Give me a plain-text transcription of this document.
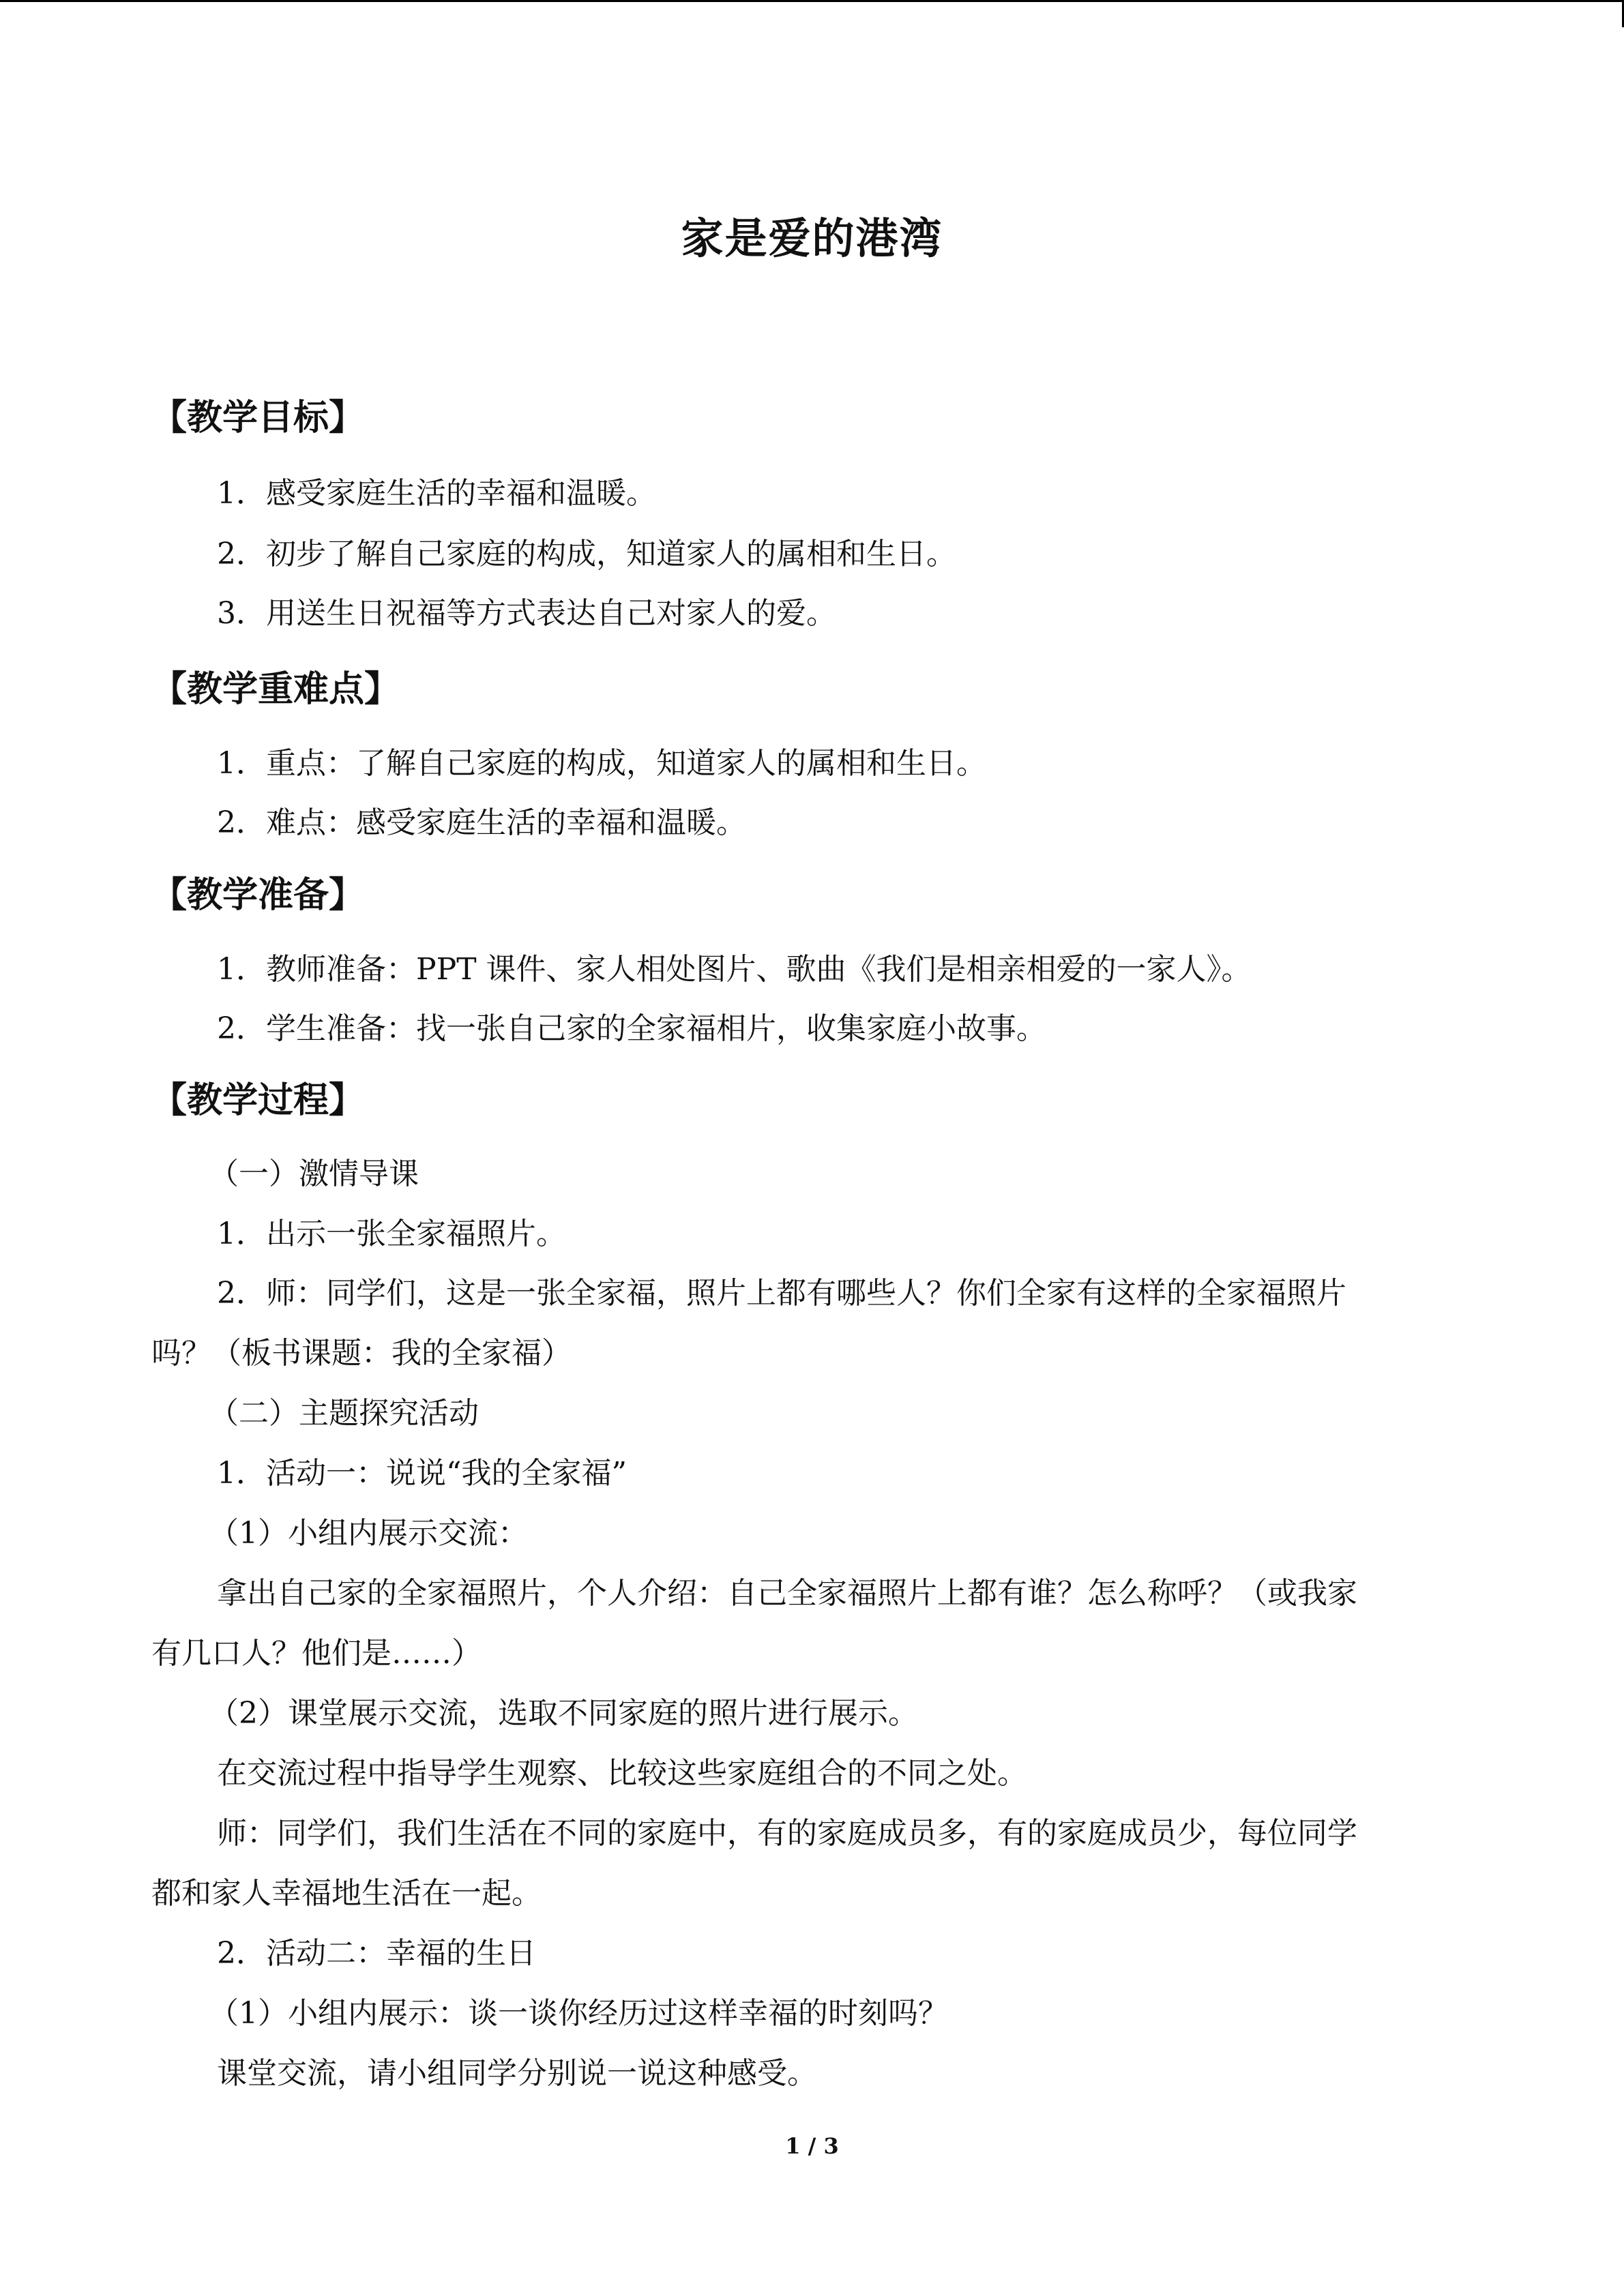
家是爱的港湾
【教学目标】
1．感受家庭生活的幸福和温暖。
2．初步了解自己家庭的构成，知道家人的属相和生日。
3．用送生日祝福等方式表达自己对家人的爱。
【教学重难点】
1．重点：了解自己家庭的构成，知道家人的属相和生日。
2．难点：感受家庭生活的幸福和温暖。
【教学准备】
1．教师准备：PPT 课件、家人相处图片、歌曲《我们是相亲相爱的一家人》。
2．学生准备：找一张自己家的全家福相片，收集家庭小故事。
【教学过程】
（一）激情导课
1．出示一张全家福照片。
2．师：同学们，这是一张全家福，照片上都有哪些人？你们全家有这样的全家福照片
吗？（板书课题：我的全家福）
（二）主题探究活动
1．活动一：说说“我的全家福”
（1）小组内展示交流：
拿出自己家的全家福照片，个人介绍：自己全家福照片上都有谁？怎么称呼？（或我家
有几口人？他们是……）
（2）课堂展示交流，选取不同家庭的照片进行展示。
在交流过程中指导学生观察、比较这些家庭组合的不同之处。
师：同学们，我们生活在不同的家庭中，有的家庭成员多，有的家庭成员少，每位同学
都和家人幸福地生活在一起。
2．活动二：幸福的生日
（1）小组内展示：谈一谈你经历过这样幸福的时刻吗？
课堂交流，请小组同学分别说一说这种感受。
1 / 3
